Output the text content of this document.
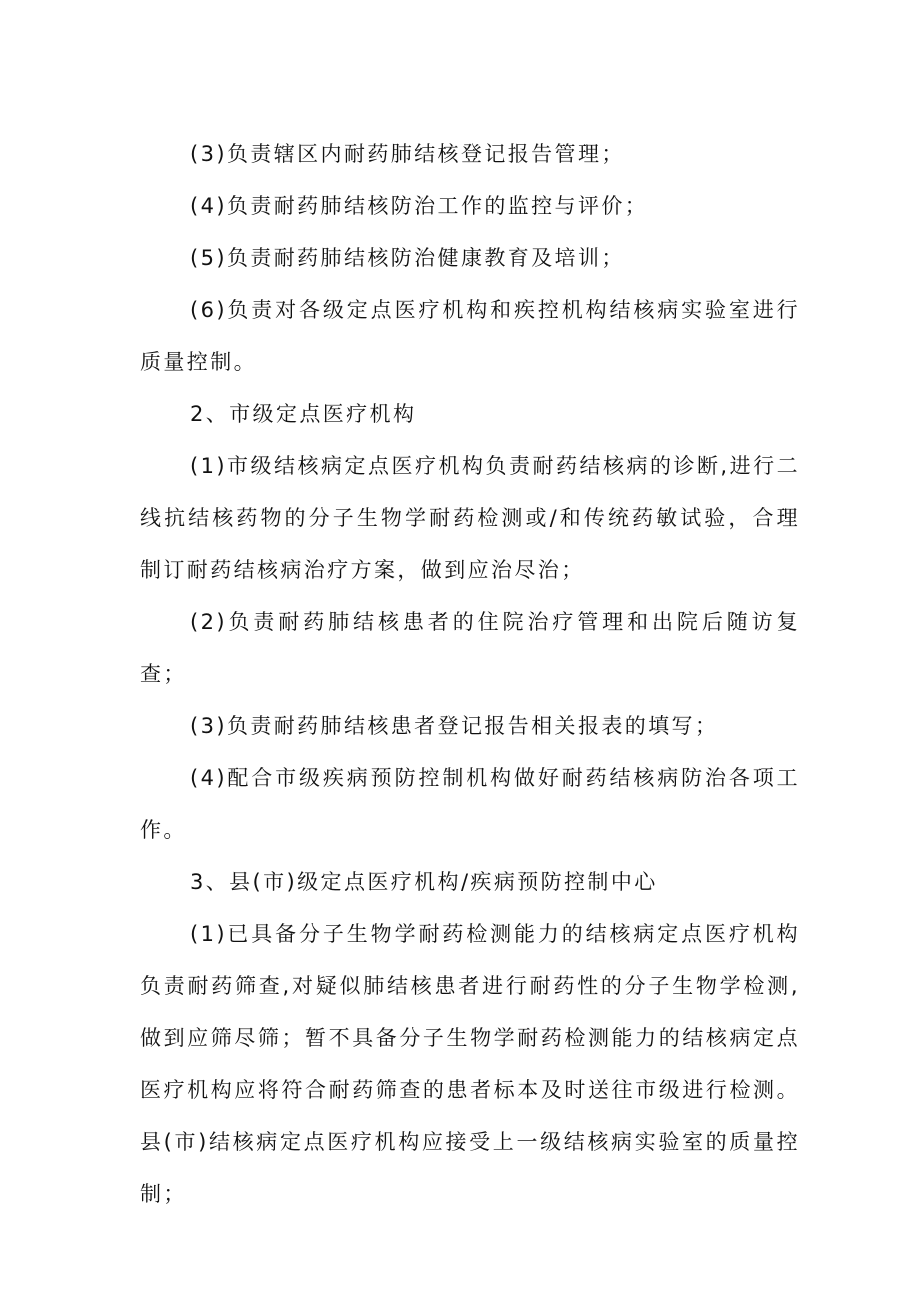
(3)负责辖区内耐药肺结核登记报告管理；

(4)负责耐药肺结核防治工作的监控与评价；

(5)负责耐药肺结核防治健康教育及培训；

(6)负责对各级定点医疗机构和疾控机构结核病实验室进行质量控制。

2、市级定点医疗机构

(1)市级结核病定点医疗机构负责耐药结核病的诊断,进行二线抗结核药物的分子生物学耐药检测或/和传统药敏试验，合理制订耐药结核病治疗方案，做到应治尽治；

(2)负责耐药肺结核患者的住院治疗管理和出院后随访复查；

(3)负责耐药肺结核患者登记报告相关报表的填写；

(4)配合市级疾病预防控制机构做好耐药结核病防治各项工作。

3、县(市)级定点医疗机构/疾病预防控制中心

(1)已具备分子生物学耐药检测能力的结核病定点医疗机构负责耐药筛查,对疑似肺结核患者进行耐药性的分子生物学检测,做到应筛尽筛；暂不具备分子生物学耐药检测能力的结核病定点医疗机构应将符合耐药筛查的患者标本及时送往市级进行检测。县(市)结核病定点医疗机构应接受上一级结核病实验室的质量控制；
